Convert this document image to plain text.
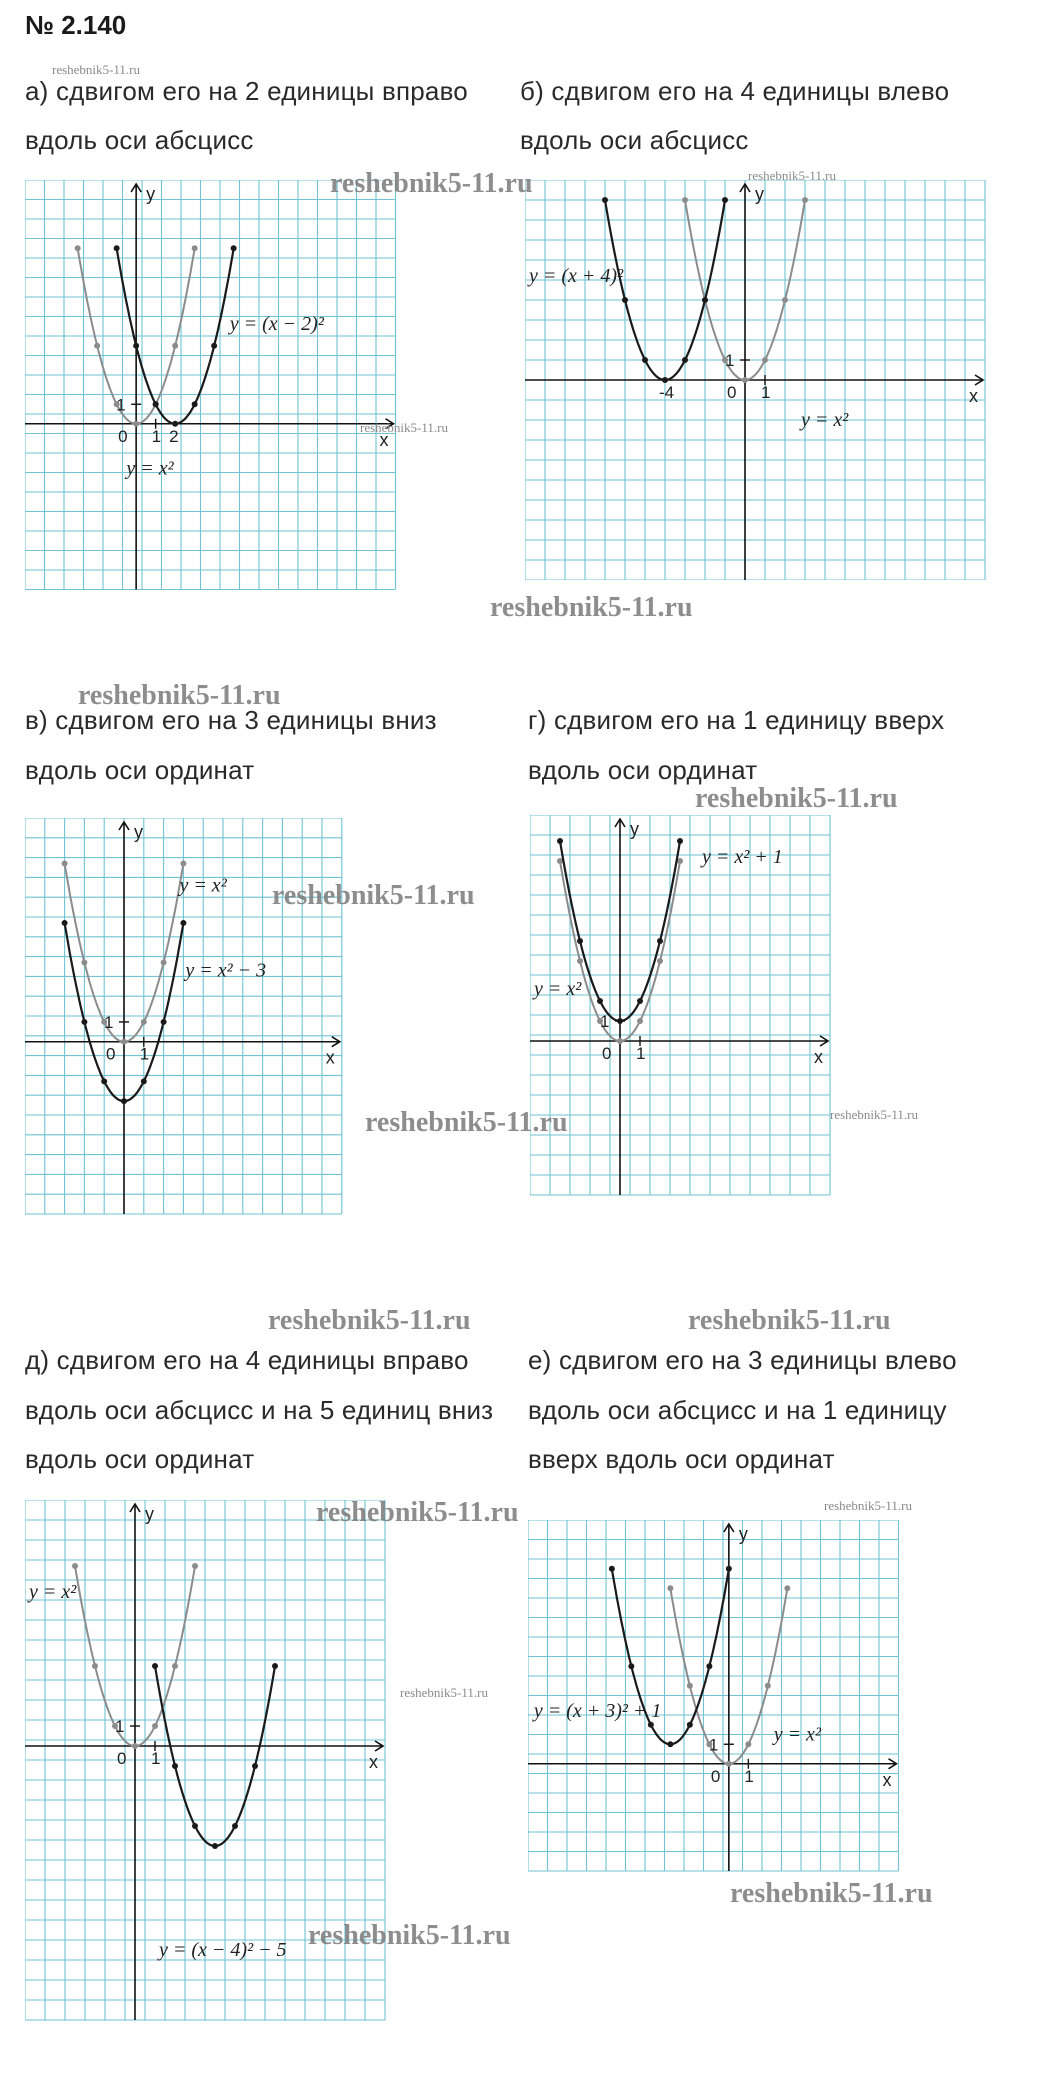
№ 2.140
а) сдвигом его на 2 единицы вправо
вдоль оси абсцисс
б) сдвигом его на 4 единицы влево
вдоль оси абсцисс
в) сдвигом его на 3 единицы вниз
вдоль оси ординат
г) сдвигом его на 1 единицу вверх
вдоль оси ординат
д) сдвигом его на 4 единицы вправо
вдоль оси абсцисс и на 5 единиц вниз
вдоль оси ординат
е) сдвигом его на 3 единицы влево
вдоль оси абсцисс и на 1 единицу
вверх вдоль оси ординат
x
y
0
1
1 2
y = x²
y = (x − 2)²
x
y
0
1
1
-4
y = x²
y = (x + 4)²
x
y
0
1
1
y = x²
y = x² − 3
x
y
0
1
1
y = x²
y = x² + 1
x
y
0
1
1
y = x²
y = (x − 4)² − 5
x
y
0
1
1
y = x²
y = (x + 3)² + 1
reshebnik5-11.ru
reshebnik5-11.ru
reshebnik5-11.ru
reshebnik5-11.ru
reshebnik5-11.ru
reshebnik5-11.ru
reshebnik5-11.ru	reshebnik5-11.ru
reshebnik5-11.ru
reshebnik5-11.ru
reshebnik5-11.ru
reshebnik5-11.ru
reshebnik5-11.ru
reshebnik5-11.ru
reshebnik5-11.ru
reshebnik5-11.ru
reshebnik5-11.ru
